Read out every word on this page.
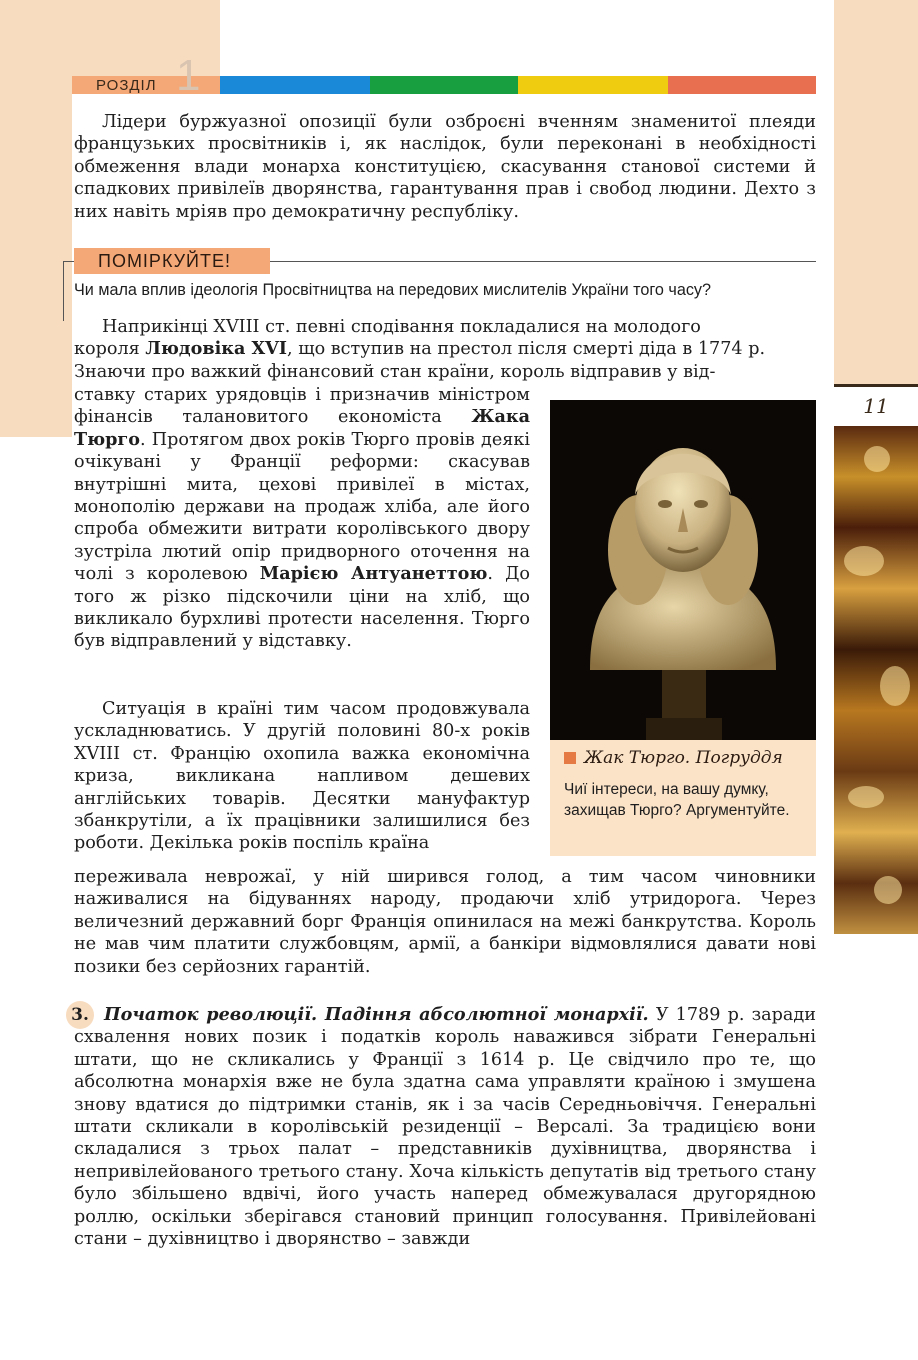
РОЗДІЛ 1
11

Лідери буржуазної опозиції були озброєні вченням знаменитої плеяди французьких просвітників і, як наслідок, були переконані в необхідності обмеження влади монарха конституцією, скасування станової системи й спадкових привілеїв дворянства, гарантування прав і свобод людини. Дехто з них навіть мріяв про демократичну республіку.

ПОМІРКУЙТЕ!
Чи мала вплив ідеологія Просвітництва на передових мислителів України того часу?

Наприкінці XVIII ст. певні сподівання покладалися на молодого

короля Людовіка XVI, що вступив на престол після смерті діда в 1774 р.

Знаючи про важкий фінансовий стан країни, король відправив у від-

ставку старих урядовців і призначив міністром фінансів талановитого економіста Жака Тюрго. Протягом двох років Тюрго провів деякі очікувані у Франції реформи: скасував внутрішні мита, цехові привілеї в містах, монополію держави на продаж хліба, але його спроба обмежити витрати королівського двору зустріла лютий опір придворного оточення на чолі з королевою Марією Антуанеттою. До того ж різко підскочили ціни на хліб, що викликало бурхливі протести населення. Тюрго був відправлений у відставку.

Ситуація в країні тим часом продовжувала ускладнюватись. У другій половині 80-х років XVIII ст. Францію охопила важка економічна криза, викликана напливом дешевих англійських товарів. Десятки мануфактур збанкрутіли, а їх працівники залишилися без роботи. Декілька років поспіль країна

переживала неврожаї, у ній ширився голод, а тим часом чиновники наживалися на бідуваннях народу, продаючи хліб утридорога. Через величезний державний борг Франція опинилася на межі банкрутства. Король не мав чим платити службовцям, армії, а банкіри відмовлялися давати нові позики без серйозних гарантій.

Жак Тюрго. Погруддя
Чиї інтереси, на вашу думку, захищав Тюрго? Аргументуйте.
3. Початок революції. Падіння абсолютної монархії. У 1789 р. заради схвалення нових позик і податків король наважився зібрати Генеральні штати, що не скликались у Франції з 1614 р. Це свідчило про те, що абсолютна монархія вже не була здатна сама управляти країною і змушена знову вдатися до підтримки станів, як і за часів Середньовіччя. Генеральні штати скликали в королівській резиденції – Версалі. За традицією вони складалися з трьох палат – представників духівництва, дворянства і непривілейованого третього стану. Хоча кількість депутатів від третього стану було збільшено вдвічі, його участь наперед обмежувалася другорядною роллю, оскільки зберігався становий принцип голосування. Привілейовані стани – духівництво і дворянство – завжди
